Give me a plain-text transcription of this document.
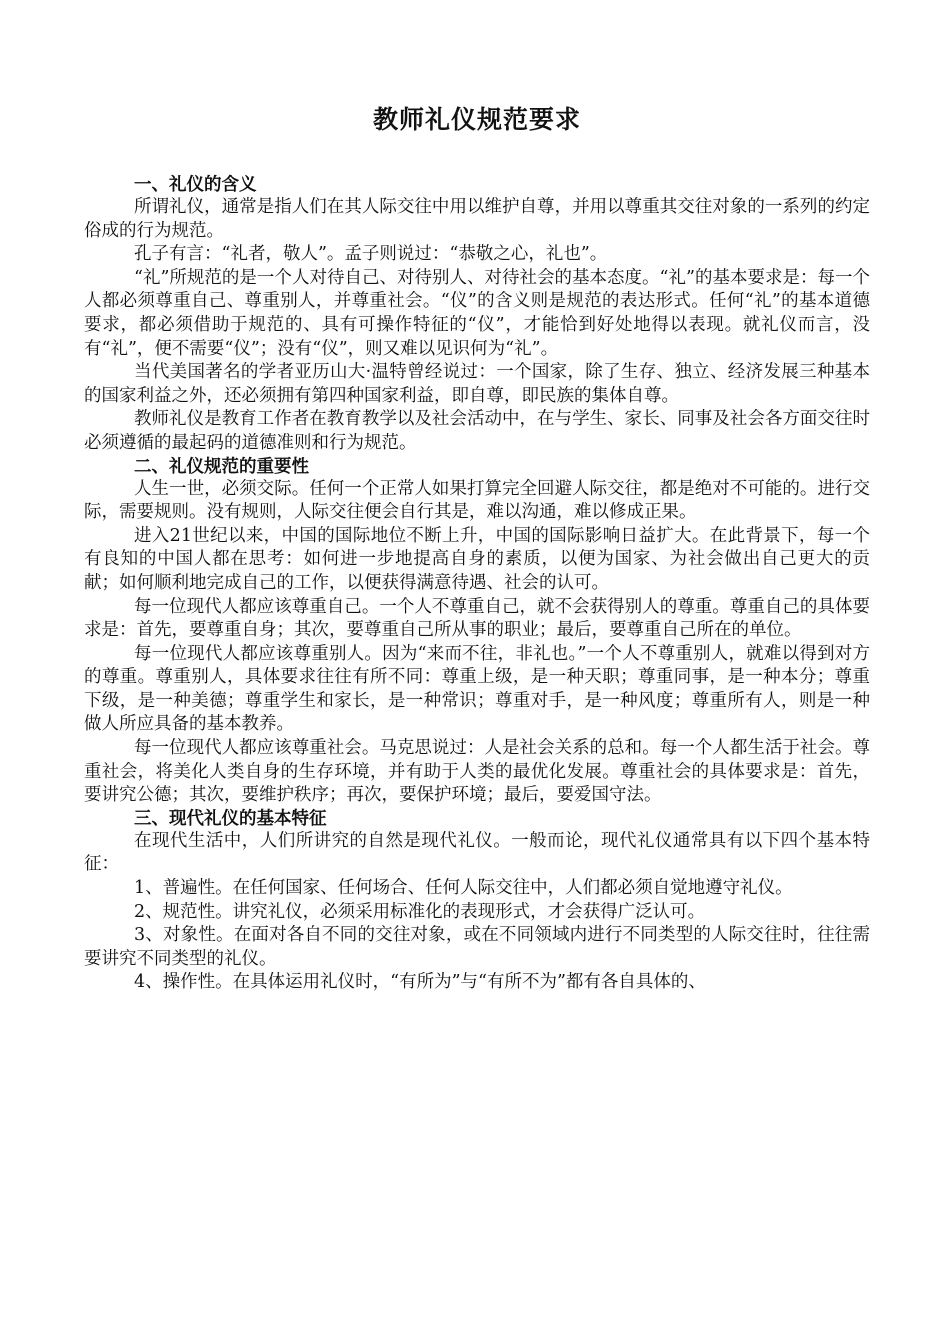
教师礼仪规范要求
一、礼仪的含义

所谓礼仪，通常是指人们在其人际交往中用以维护自尊，并用以尊重其交往对象的一系列的约定俗成的行为规范。

孔子有言：“礼者，敬人”。孟子则说过：“恭敬之心，礼也”。

“礼”所规范的是一个人对待自己、对待别人、对待社会的基本态度。“礼”的基本要求是：每一个人都必须尊重自己、尊重别人，并尊重社会。“仪”的含义则是规范的表达形式。任何“礼”的基本道德要求，都必须借助于规范的、具有可操作特征的“仪”，才能恰到好处地得以表现。就礼仪而言，没有“礼”，便不需要“仪”；没有“仪”，则又难以见识何为“礼”。

当代美国著名的学者亚历山大·温特曾经说过：一个国家，除了生存、独立、经济发展三种基本的国家利益之外，还必须拥有第四种国家利益，即自尊，即民族的集体自尊。

教师礼仪是教育工作者在教育教学以及社会活动中，在与学生、家长、同事及社会各方面交往时必须遵循的最起码的道德准则和行为规范。

二、礼仪规范的重要性

人生一世，必须交际。任何一个正常人如果打算完全回避人际交往，都是绝对不可能的。进行交际，需要规则。没有规则，人际交往便会自行其是，难以沟通，难以修成正果。

进入21世纪以来，中国的国际地位不断上升，中国的国际影响日益扩大。在此背景下，每一个有良知的中国人都在思考：如何进一步地提高自身的素质，以便为国家、为社会做出自己更大的贡献；如何顺利地完成自己的工作，以便获得满意待遇、社会的认可。

每一位现代人都应该尊重自己。一个人不尊重自己，就不会获得别人的尊重。尊重自己的具体要求是：首先，要尊重自身；其次，要尊重自己所从事的职业；最后，要尊重自己所在的单位。

每一位现代人都应该尊重别人。因为“来而不往，非礼也。”一个人不尊重别人，就难以得到对方的尊重。尊重别人，具体要求往往有所不同：尊重上级，是一种天职；尊重同事，是一种本分；尊重下级，是一种美德；尊重学生和家长，是一种常识；尊重对手，是一种风度；尊重所有人，则是一种做人所应具备的基本教养。

每一位现代人都应该尊重社会。马克思说过：人是社会关系的总和。每一个人都生活于社会。尊重社会，将美化人类自身的生存环境，并有助于人类的最优化发展。尊重社会的具体要求是：首先，要讲究公德；其次，要维护秩序；再次，要保护环境；最后，要爱国守法。

三、现代礼仪的基本特征

在现代生活中，人们所讲究的自然是现代礼仪。一般而论，现代礼仪通常具有以下四个基本特征：

1、普遍性。在任何国家、任何场合、任何人际交往中，人们都必须自觉地遵守礼仪。

2、规范性。讲究礼仪，必须采用标准化的表现形式，才会获得广泛认可。

3、对象性。在面对各自不同的交往对象，或在不同领域内进行不同类型的人际交往时，往往需要讲究不同类型的礼仪。

4、操作性。在具体运用礼仪时，“有所为”与“有所不为”都有各自具体的、
